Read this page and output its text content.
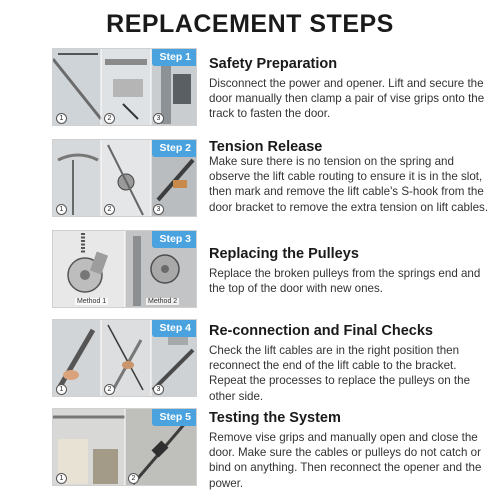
REPLACEMENT STEPS
1	2	3
Step 1	Safety Preparation
Disconnect the power and opener. Lift and secure the door manually then clamp a pair of vise grips onto the track to fasten the door.
1	2	3
Step 2	Tension Release
Make sure there is no tension on the spring and observe the lift cable routing to ensure it is in the slot, then mark and remove the lift cable's S-hook from the door bracket to remove the extra tension on lift cables.
Method 1	Method 2
Step 3
Replacing the Pulleys
Replace the broken pulleys from the springs end and the top of the door with new ones.
1	2	3
Step 4	Re-connection and Final Checks
Check the lift cables are in the right position then reconnect the end of the lift cable to the bracket. Repeat the processes to replace the pulleys on the other side.
1	2
Step 5	Testing the System
Remove vise grips and manually open and close the door. Make sure the cables or pulleys do not catch or bind on anything. Then reconnect the opener and the power.
